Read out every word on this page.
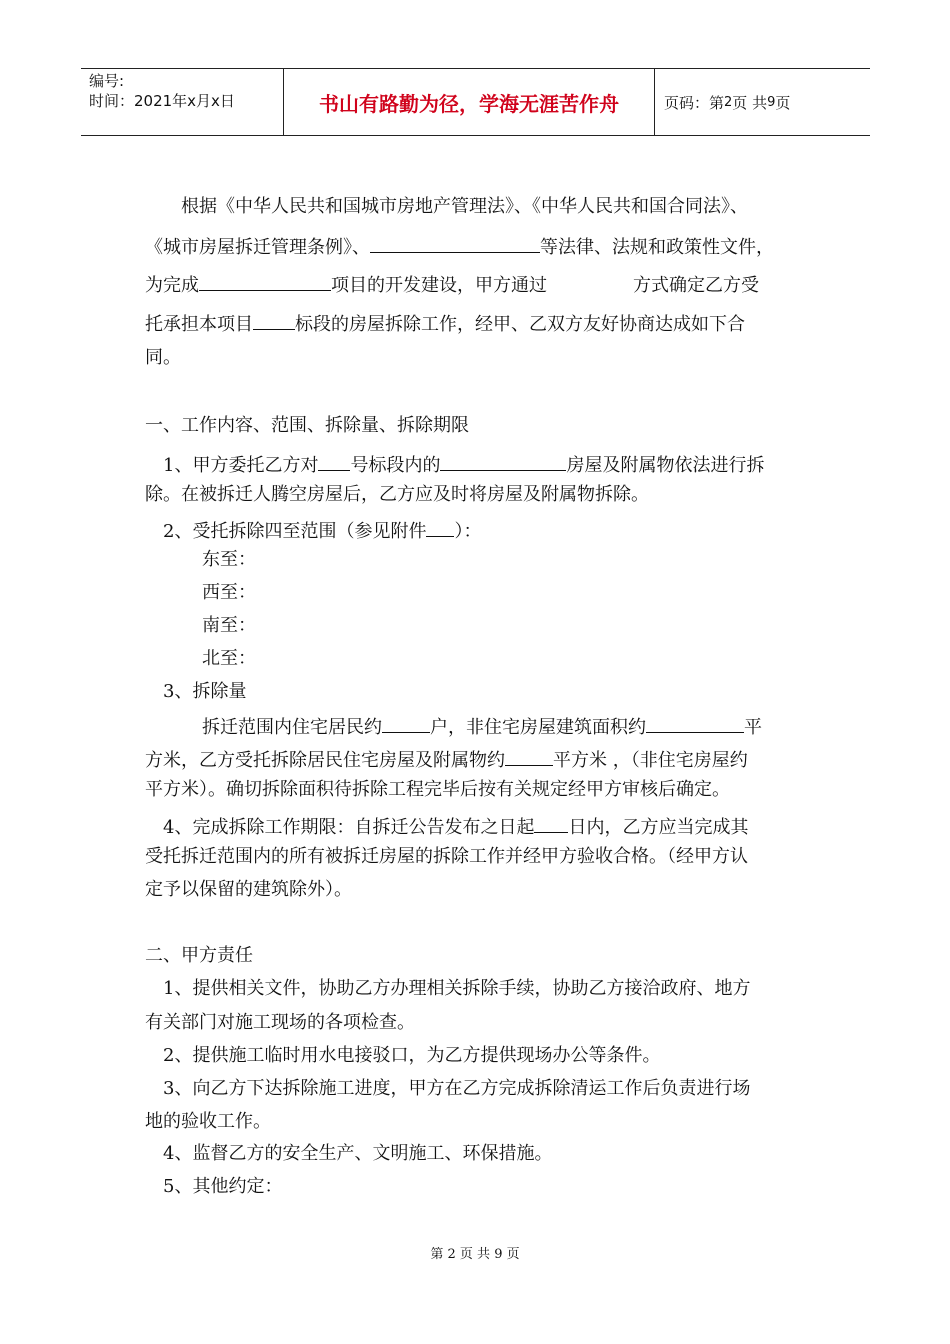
编号:
时间：2021年x月x日	书山有路勤为径，学海无涯苦作舟	页码：第 2 页 共 9 页
根据《中华人民共和国城市房地产管理法》、《中华人民共和国合同法》、
《城市房屋拆迁管理条例》、	等法律、法规和政策性文件，
为完成	项目的开发建设，甲方通过	方式确定乙方受
托承担本项目 标段的房屋拆除工作，经甲、乙双方友好协商达成如下合
同。
一、工作内容、范围、拆除量、拆除期限
1、甲方委托乙方对 号标段内的	房屋及附属物依法进行拆
除。在被拆迁人腾空房屋后，乙方应及时将房屋及附属物拆除。
2、受托拆除四至范围（参见附件 ）：
东至：
西至：
南至：
北至：
3、拆除量
拆迁范围内住宅居民约	户，非住宅房屋建筑面积约	平
方米，乙方受托拆除居民住宅房屋及附属物约	平方米 ，（非住宅房屋约
平方米）。确切拆除面积待拆除工程完毕后按有关规定经甲方审核后确定。
4、完成拆除工作期限：自拆迁公告发布之日起 日内，乙方应当完成其
受托拆迁范围内的所有被拆迁房屋的拆除工作并经甲方验收合格。（经甲方认
定予以保留的建筑除外）。
二、甲方责任
1、提供相关文件，协助乙方办理相关拆除手续，协助乙方接洽政府、地方
有关部门对施工现场的各项检查。
2、提供施工临时用水电接驳口，为乙方提供现场办公等条件。
3、向乙方下达拆除施工进度，甲方在乙方完成拆除清运工作后负责进行场
地的验收工作。
4、监督乙方的安全生产、文明施工、环保措施。
5、其他约定：
第 2 页 共 9 页
